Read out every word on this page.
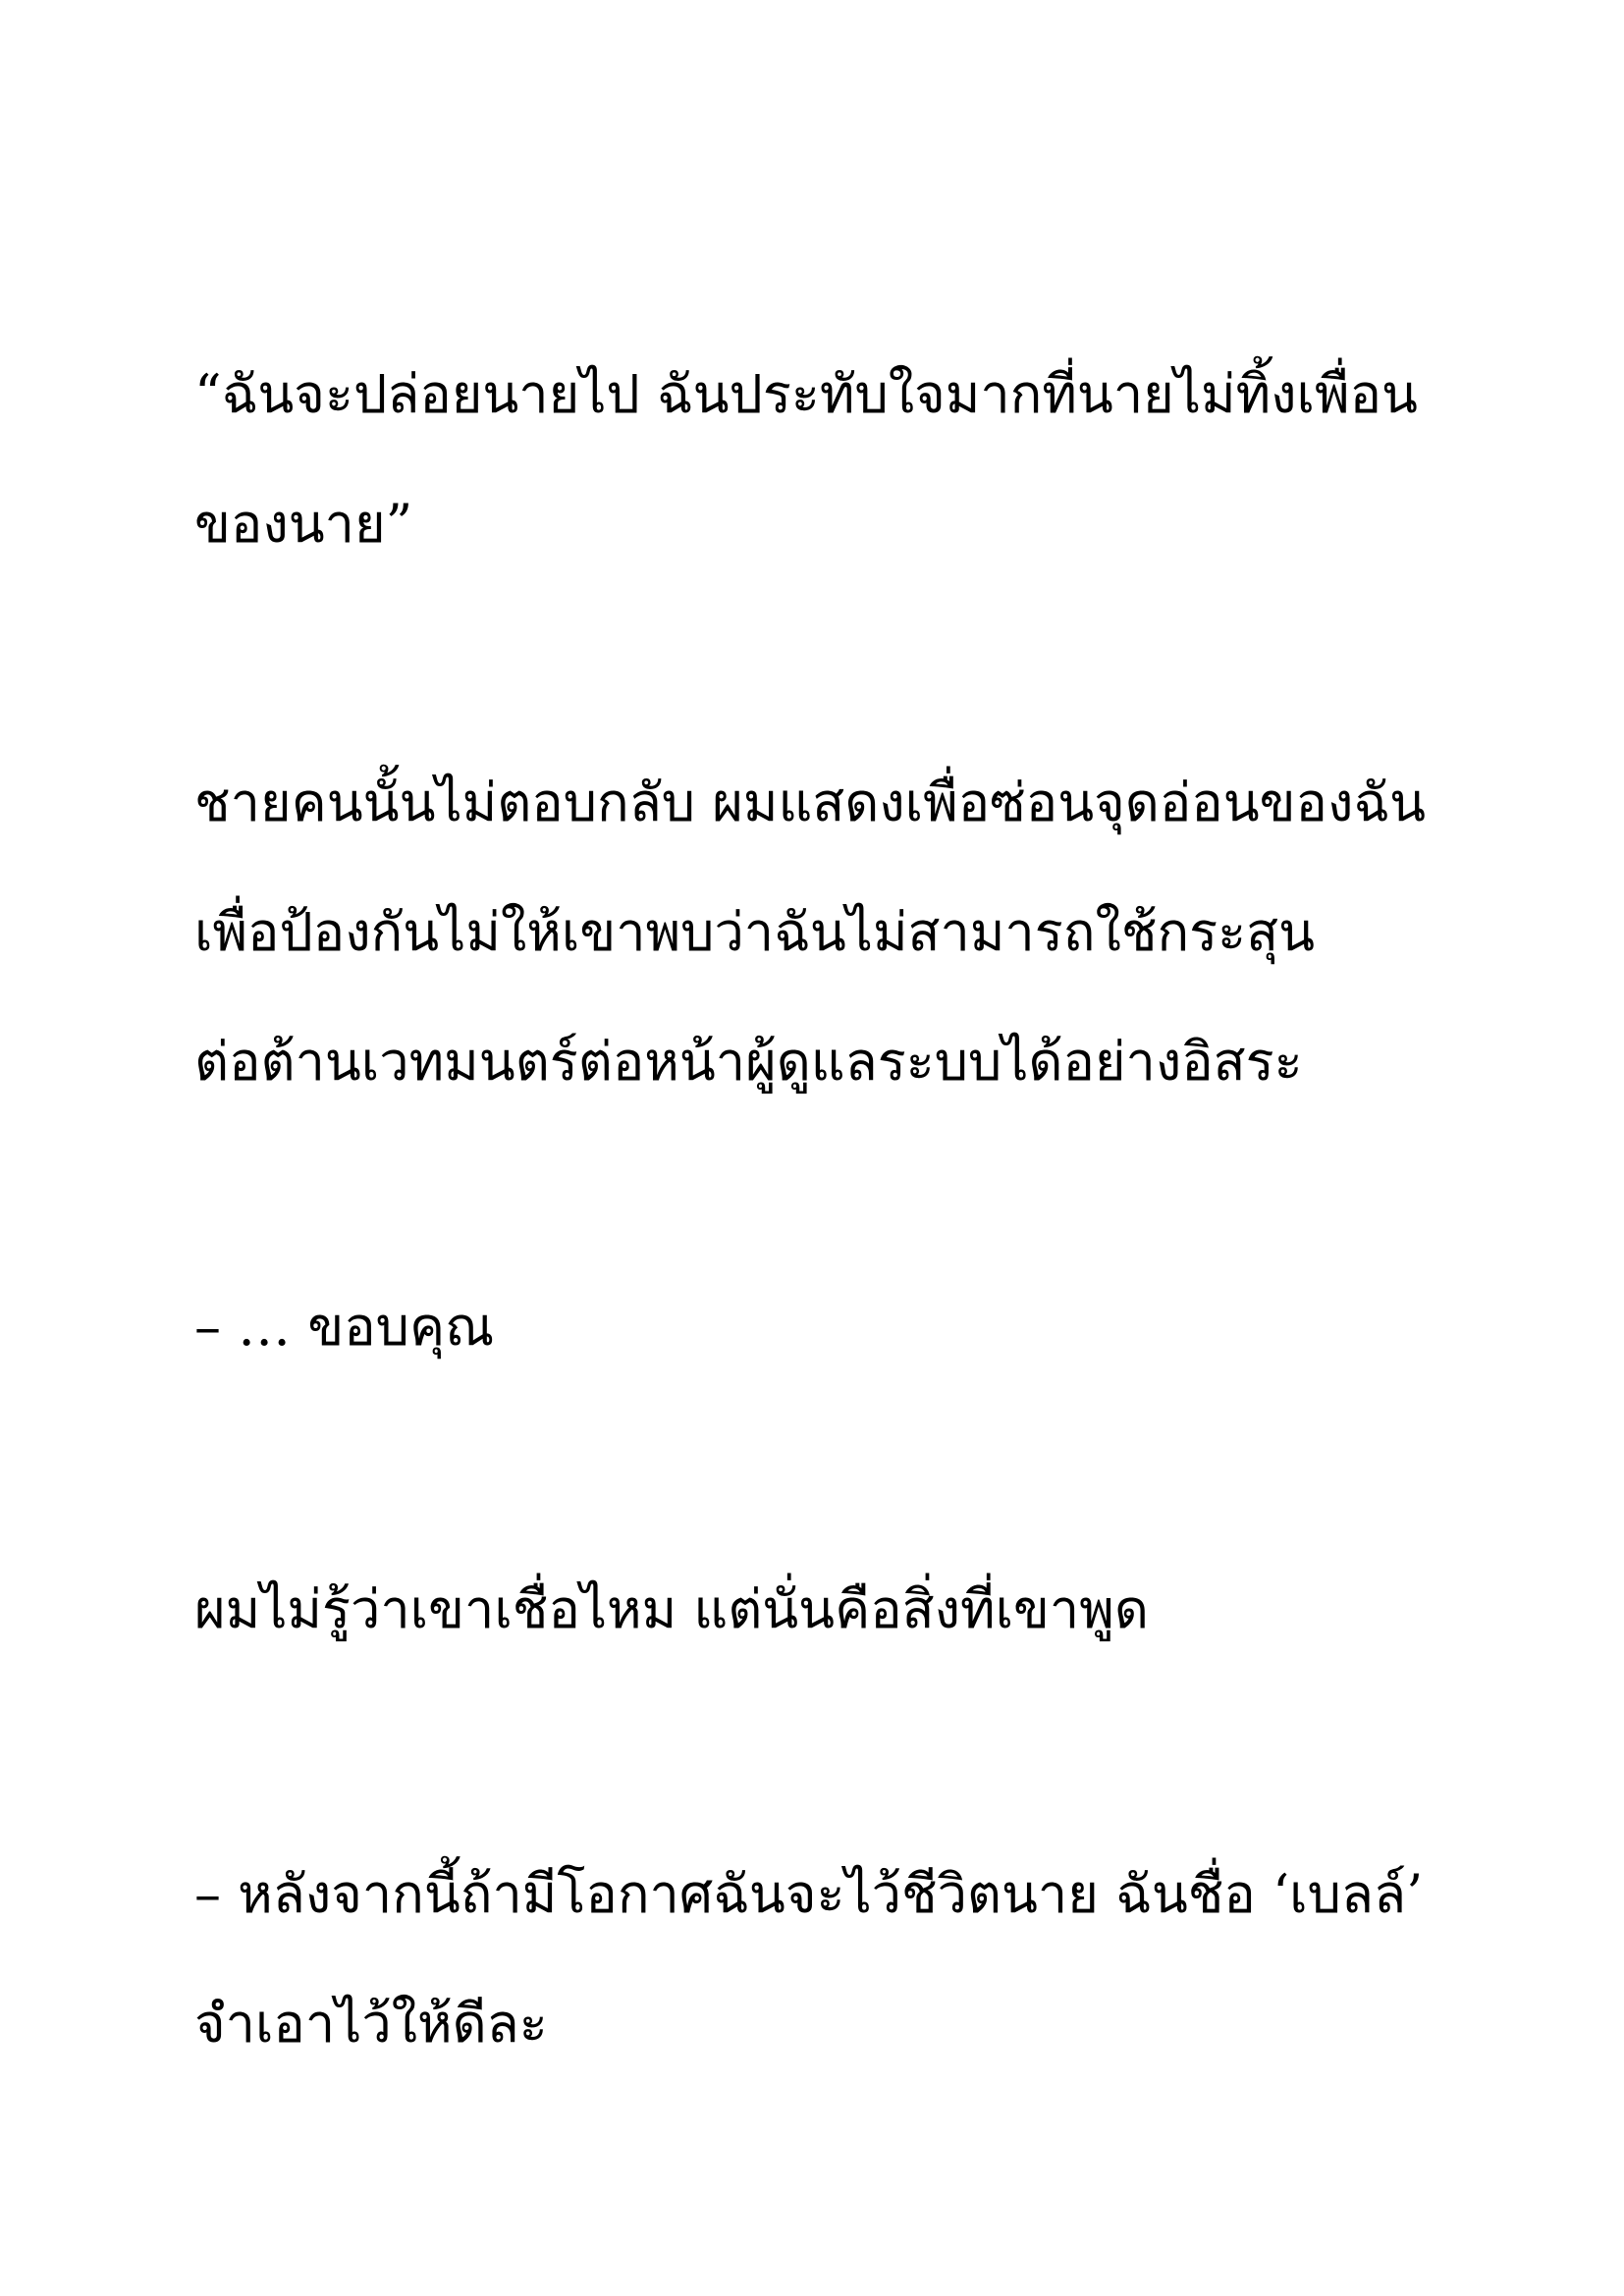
“ฉันจะปล่อยนายไป ฉันประทับใจมากที่นายไม่ทิ้งเพื่อน
ของนาย”

ชายคนนั้นไม่ตอบกลับ ผมแสดงเพื่อซ่อนจุดอ่อนของฉัน
เพื่อป้องกันไม่ให้เขาพบว่าฉันไม่สามารถใช้กระสุน
ต่อต้านเวทมนตร์ต่อหน้าผู้ดูแลระบบได้อย่างอิสระ

– … ขอบคุณ

ผมไม่รู้ว่าเขาเชื่อไหม แต่นั่นคือสิ่งที่เขาพูด

– หลังจากนี้ถ้ามีโอกาศฉันจะไว้ชีวิตนาย ฉันชื่อ ‘เบลล์’
จำเอาไว้ให้ดีละ
